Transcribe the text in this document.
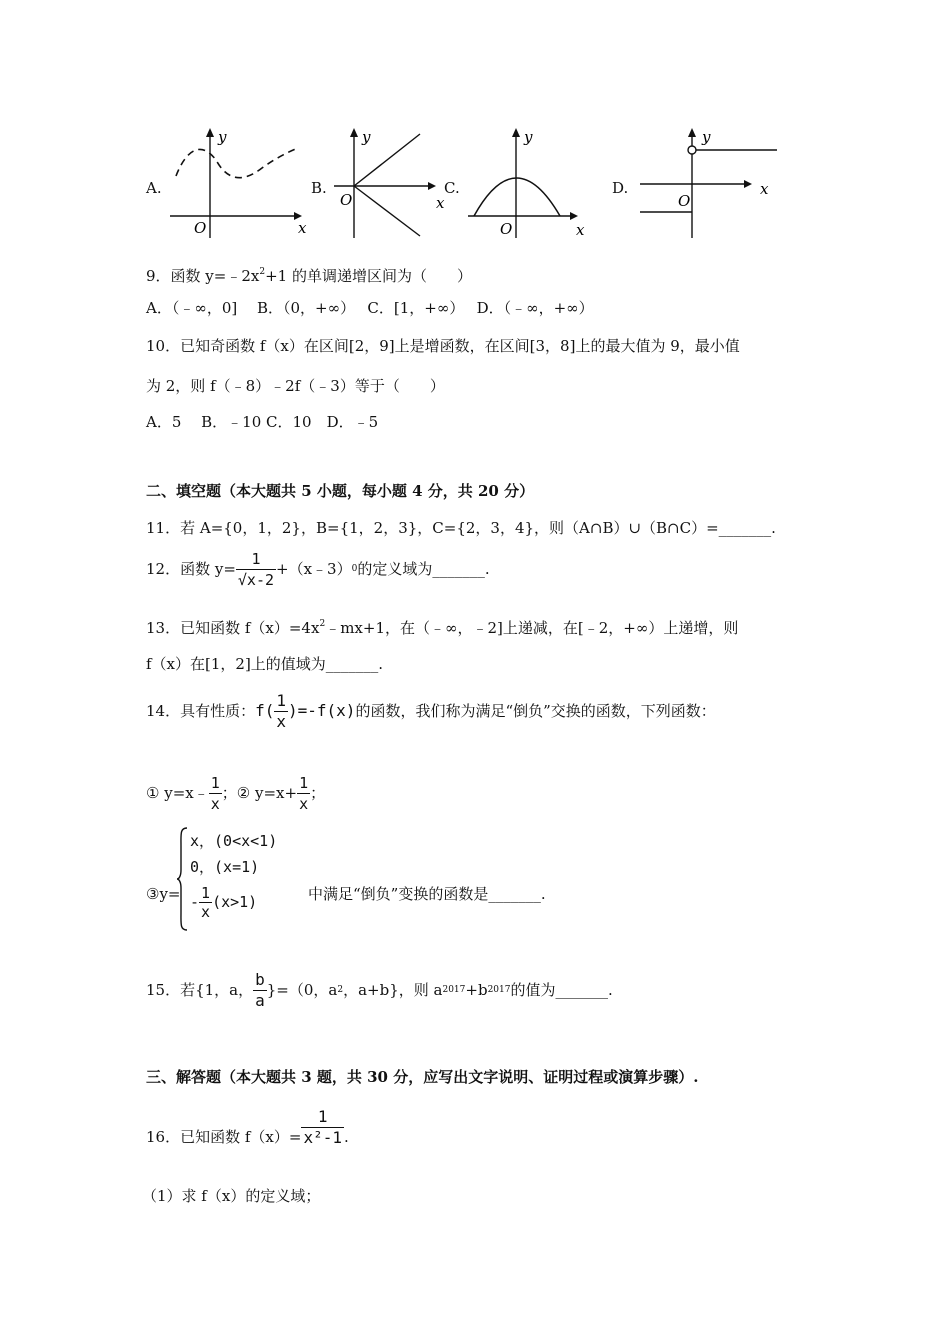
A.
x
y
O
B.
x
y
O
C.
x
y
O
D.	x
y
O
9．函数 $y=﹣2x^2+1$ 的单调递增区间为（　　）
A．（﹣∞，0]　 B．（0，+∞）　 C．[1，+∞）　 D．（﹣∞，+∞）
10．已知奇函数 f（x）在区间[2，9]上是增函数，在区间[3，8]上的最大值为 9，最小值
为 2，则 f（﹣8）﹣2f（﹣3）等于（　　）
A．5　 B．﹣10 C．10　D．﹣5
二、填空题（本大题共 5 小题，每小题 4 分，共 20 分）
11．若 A={0，1，2}，B={1，2，3}，C={2，3，4}，则（A∩B）∪（B∩C）=_______.
12．函数 $y= \frac{1}{√x-2}$ +（x﹣3） 0 的定义域为_______.
13．已知函数 $f(x)=4x^2﹣mx+1$，在（﹣∞，﹣2]上递减，在[﹣2，+∞）上递增，则
f（x）在[1，2]上的值域为_______.
14．具有性质： $f( \frac{1}{x} )=-f(x)$ 的函数，我们称为满足“倒负”交换的函数，下列函数：
① y=x﹣ $\frac{1}{x}$ ； ② $y=x+ \frac{1}{x}$ ；
③y=
x，(0<x<1)
0，(x=1)
- $\frac{1}{x} (x>1)$	中满足“倒负”变换的函数是_______.
15．若{1，a， $\frac{b}{a} \}=(0$，a 2 ，a+b}，则 a 2017 +b 2017 的值为_______.
三、解答题（本大题共 3 题，共 30 分，应写出文字说明、证明过程或演算步骤）.
16．已知函数 $f(x)= \frac{1}{\text{x²-1}}$ .
（1）求 f（x）的定义域；
